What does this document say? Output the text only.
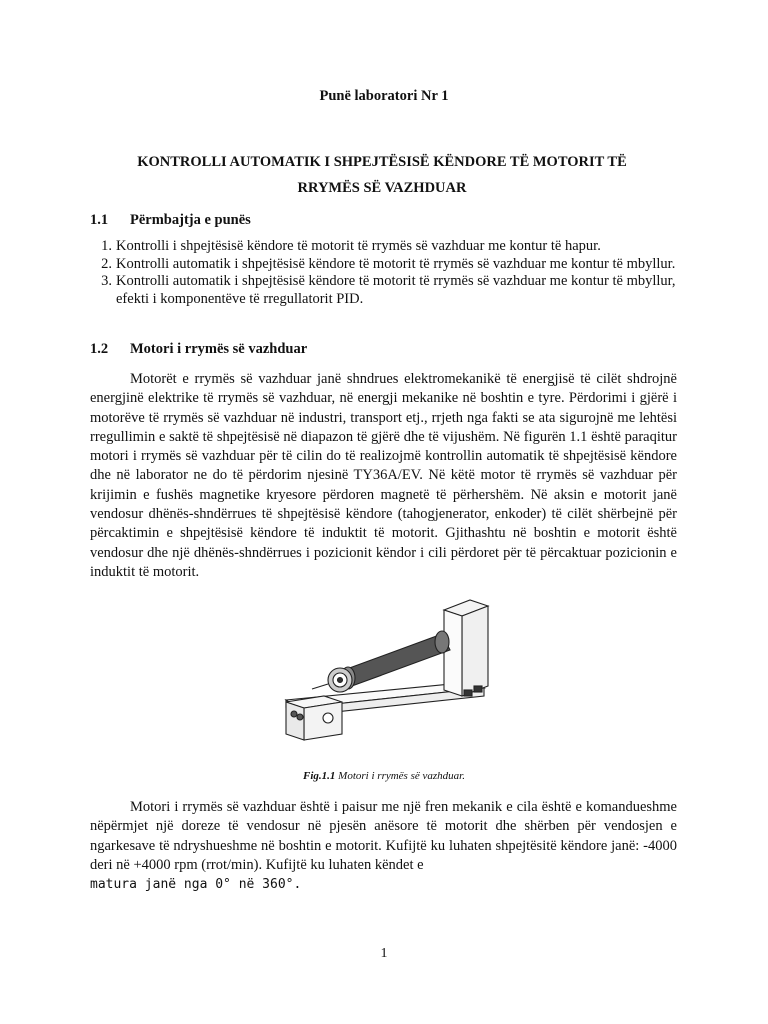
Punë laboratori Nr 1
KONTROLLI AUTOMATIK I SHPEJTËSISË KËNDORE TË MOTORIT TË
RRYMËS SË VAZHDUAR
1.1 Përmbajtja e punës
1. Kontrolli i shpejtësisë këndore të motorit të rrymës së vazhduar me kontur të hapur.
2. Kontrolli automatik i shpejtësisë këndore të motorit të rrymës së vazhduar me kontur të mbyllur.
3. Kontrolli automatik i shpejtësisë këndore të motorit të rrymës së vazhduar me kontur të mbyllur, efekti i komponentëve të rregullatorit PID.
1.2 Motori i rrymës së vazhduar

Motorët e rrymës së vazhduar janë shndrues elektromekanikë të energjisë të cilët shdrojnë energjinë elektrike të rrymës së vazhduar, në energji mekanike në boshtin e tyre. Përdorimi i gjërë i motorëve të rrymës së vazhduar në industri, transport etj., rrjeth nga fakti se ata sigurojnë me lehtësi rregullimin e saktë të shpejtësisë në diapazon të gjërë dhe të vijushëm. Në figurën 1.1 është paraqitur motori i rrymës së vazhduar për të cilin do të realizojmë kontrollin automatik të shpejtësisë këndore dhe në laborator ne do të përdorim njesinë TY36A/EV. Në këtë motor të rrymës së vazhduar për krijimin e fushës magnetike kryesore përdoren magnetë të përhershëm. Në aksin e motorit janë vendosur dhënës-shndërrues të shpejtësisë këndore (tahogjenerator, enkoder) të cilët shërbejnë për përcaktimin e shpejtësisë këndore të induktit të motorit. Gjithashtu në boshtin e motorit është vendosur dhe një dhënës-shndërrues i pozicionit këndor i cili përdoret për të përcaktuar pozicionin e induktit të motorit.

Fig.1.1 Motori i rrymës së vazhduar.

Motori i rrymës së vazhduar është i paisur me një fren mekanik e cila është e komandueshme nëpërmjet një doreze të vendosur në pjesën anësore të motorit dhe shërben për vendosjen e ngarkesave të ndryshueshme në boshtin e motorit. Kufijtë ku luhaten shpejtësitë këndore janë: -4000 deri në +4000 rpm (rrot/min). Kufijtë ku luhaten këndet e
matura janë nga 0° në 360°.

1
